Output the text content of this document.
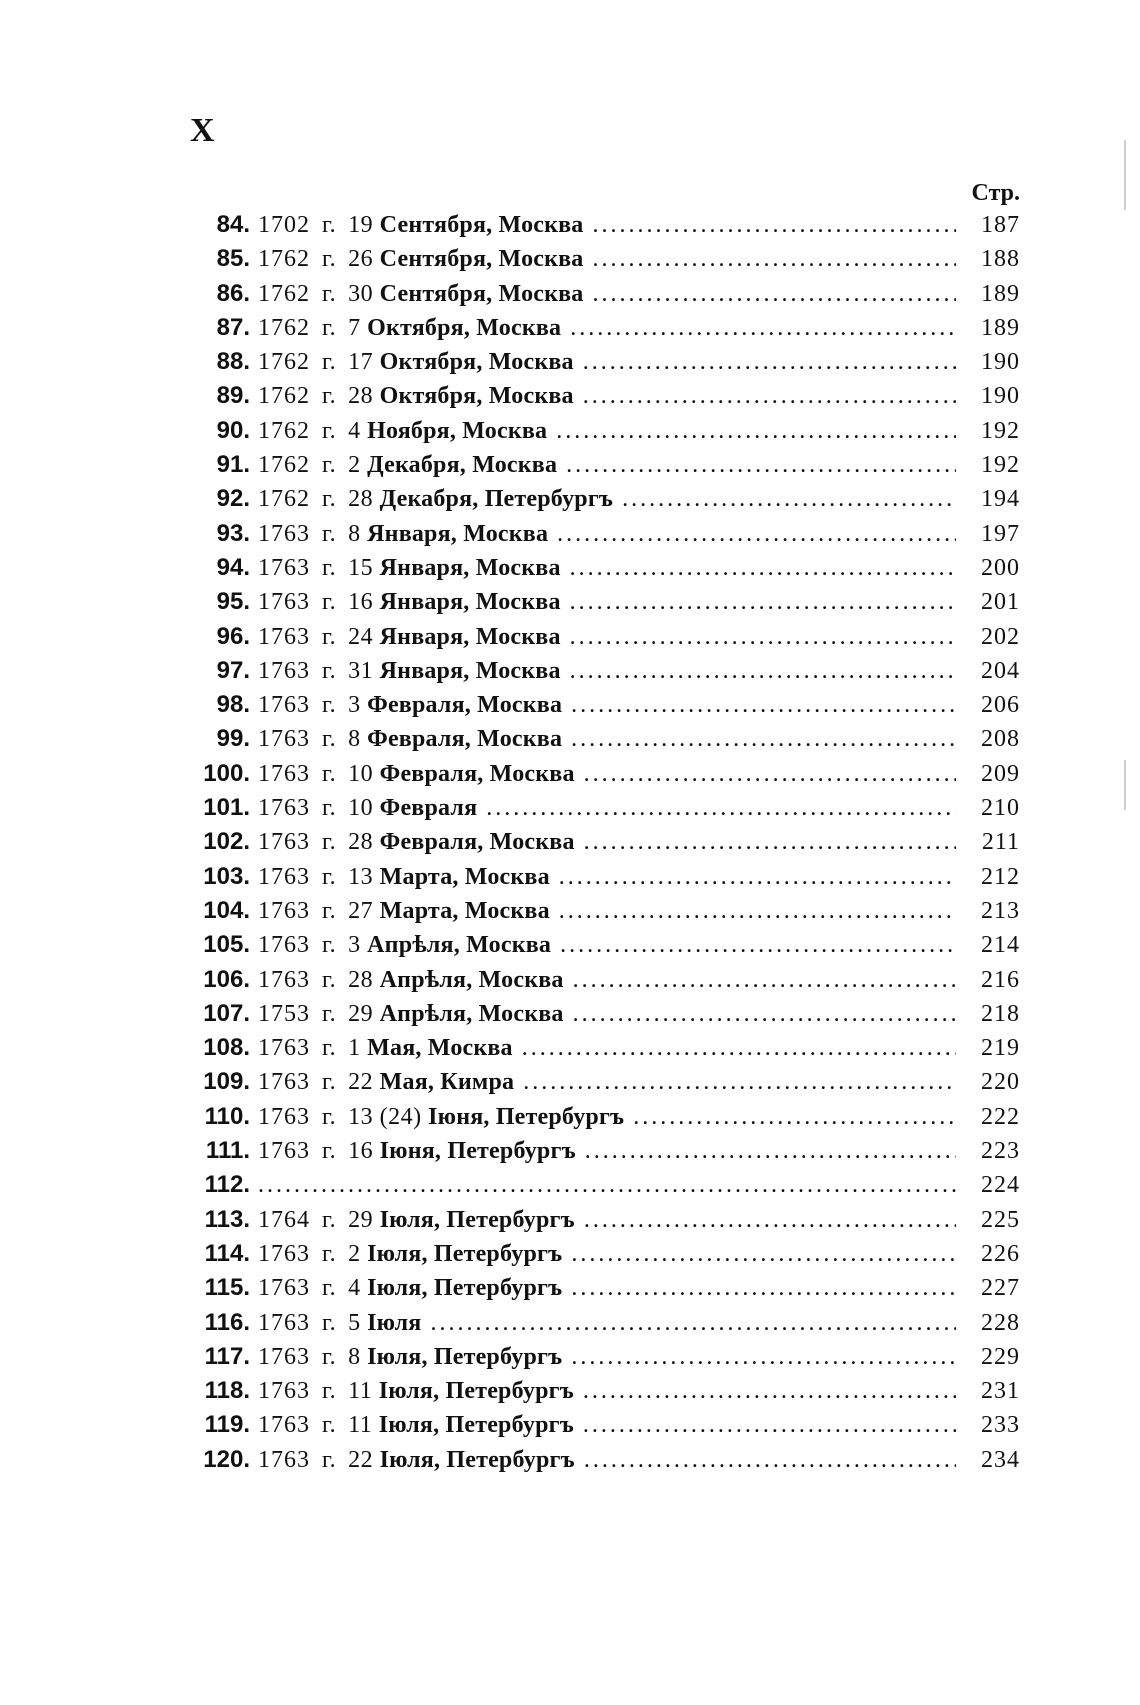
X
Стр.
84. 1702 г. 19 Сентября, Москва .....	187
85. 1762 г. 26 Сентября, Москва .....	188
86. 1762 г. 30 Сентября, Москва .....	189
87. 1762 г. 7 Октября, Москва .....	189
88. 1762 г. 17 Октября, Москва .....	190
89. 1762 г. 28 Октября, Москва .....	190
90. 1762 г. 4 Ноября, Москва .....	192
91. 1762 г. 2 Декабря, Москва .....	192
92. 1762 г. 28 Декабря, Петербургъ .....	194
93. 1763 г. 8 Января, Москва .....	197
94. 1763 г. 15 Января, Москва .....	200
95. 1763 г. 16 Января, Москва .....	201
96. 1763 г. 24 Января, Москва .....	202
97. 1763 г. 31 Января, Москва .....	204
98. 1763 г. 3 Февраля, Москва .....	206
99. 1763 г. 8 Февраля, Москва .....	208
100. 1763 г. 10 Февраля, Москва .....	209
101. 1763 г. 10 Февраля .....	210
102. 1763 г. 28 Февраля, Москва .....	211
103. 1763 г. 13 Марта, Москва .....	212
104. 1763 г. 27 Марта, Москва .....	213
105. 1763 г. 3 Апрѣля, Москва .....	214
106. 1763 г. 28 Апрѣля, Москва .....	216
107. 1753 г. 29 Апрѣля, Москва .....	218
108. 1763 г. 1 Мая, Москва .....	219
109. 1763 г. 22 Мая, Кимра .....	220
110. 1763 г. 13 (24) Іюня, Петербургъ .....	222
111. 1763 г. 16 Іюня, Петербургъ .....	223
112. .....	224
113. 1764 г. 29 Іюля, Петербургъ .....	225
114. 1763 г. 2 Іюля, Петербургъ .....	226
115. 1763 г. 4 Іюля, Петербургъ .....	227
116. 1763 г. 5 Іюля .....	228
117. 1763 г. 8 Іюля, Петербургъ .....	229
118. 1763 г. 11 Іюля, Петербургъ .....	231
119. 1763 г. 11 Іюля, Петербургъ .....	233
120. 1763 г. 22 Іюля, Петербургъ .....	234
